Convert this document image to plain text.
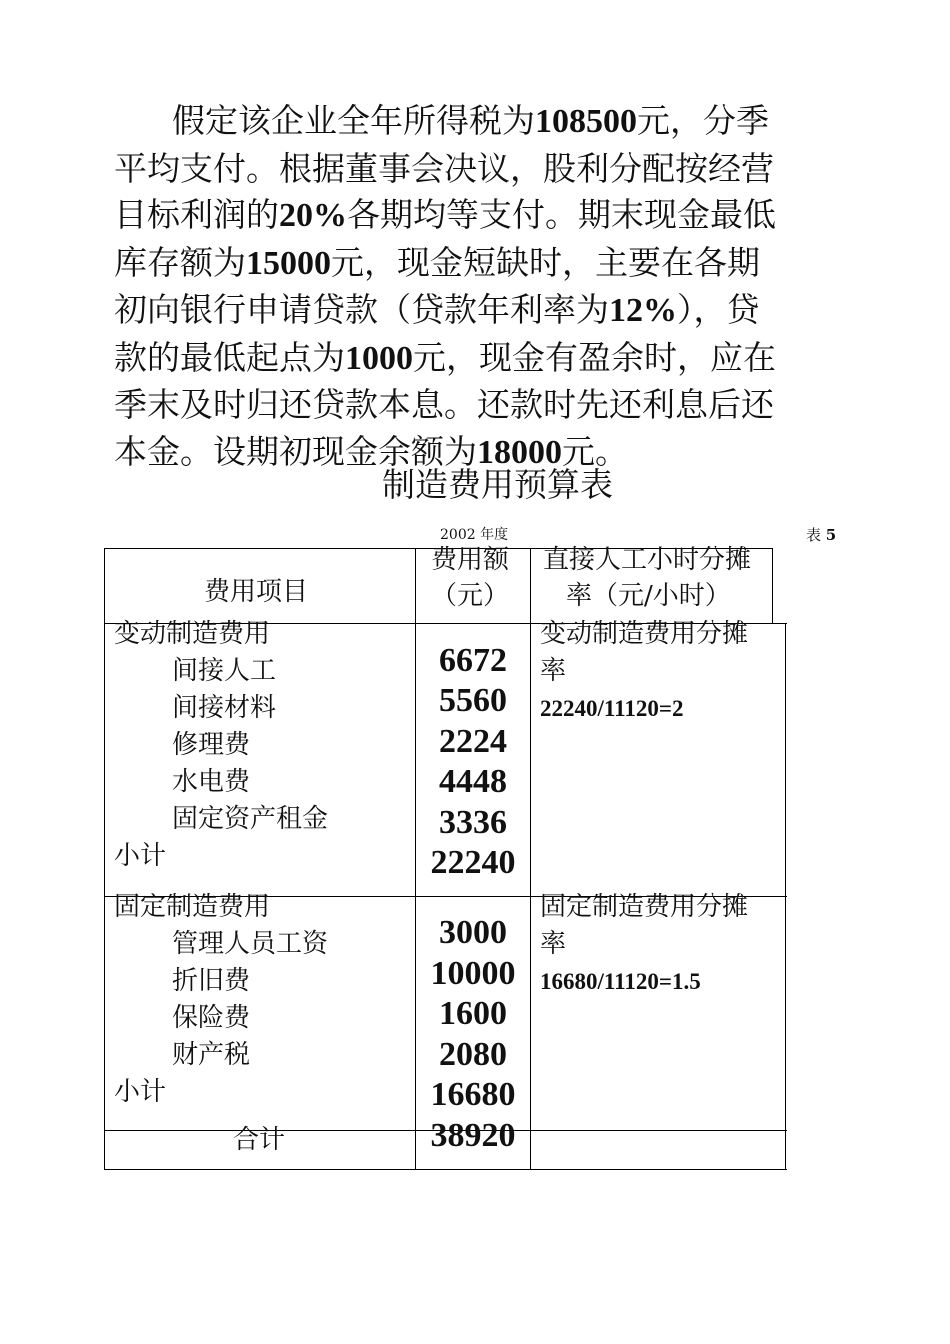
假定该企业全年所得税为108500元，分季
平均支付。根据董事会决议，股利分配按经营
目标利润的20%各期均等支付。期末现金最低
库存额为15000元，现金短缺时，主要在各期
初向银行申请贷款（贷款年利率为12%），贷
款的最低起点为1000元，现金有盈余时，应在
季末及时归还贷款本息。还款时先还利息后还
本金。设期初现金余额为18000元。
制造费用预算表
2002 年度	表 5
费用项目
费用额
（元）
直接人工小时分摊
率（元/小时）
变动制造费用
间接人工
间接材料
修理费
水电费
固定资产租金
小计
6672
5560
2224
4448
3336
22240
变动制造费用分摊
率
22240/11120=2
固定制造费用
管理人员工资
折旧费
保险费
财产税
小计
3000
10000
1600
2080
16680
固定制造费用分摊
率
16680/11120=1.5
合计	38920
